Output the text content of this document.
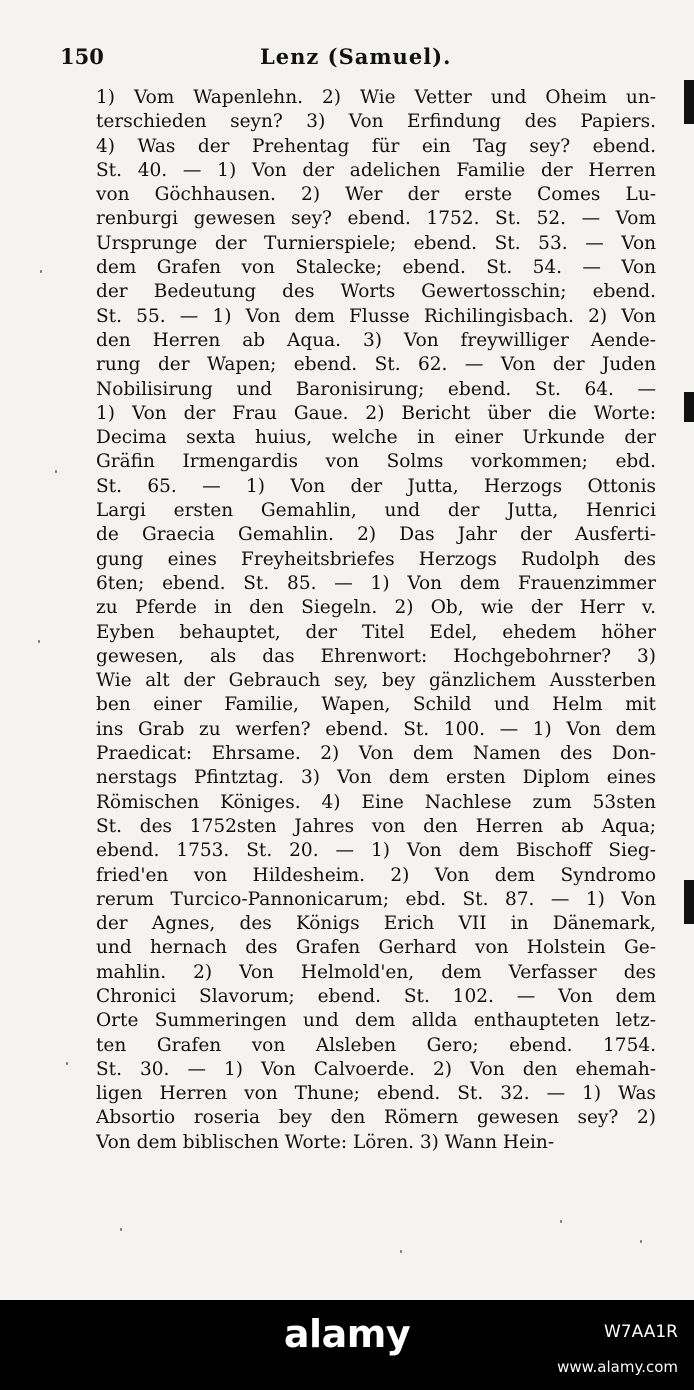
150	Lenz (Samuel).
1) Vom Wapenlehn. 2) Wie Vetter und Oheim un-
terschieden seyn? 3) Von Erfindung des Papiers.
4) Was der Prehentag für ein Tag sey? ebend.
St. 40. — 1) Von der adelichen Familie der Herren
von Göchhausen. 2) Wer der erste Comes Lu-
renburgi gewesen sey? ebend. 1752. St. 52. — Vom
Ursprunge der Turnierspiele; ebend. St. 53. — Von
dem Grafen von Stalecke; ebend. St. 54. — Von
der Bedeutung des Worts Gewertosschin; ebend.
St. 55. — 1) Von dem Flusse Richilingisbach. 2) Von
den Herren ab Aqua. 3) Von freywilliger Aende-
rung der Wapen; ebend. St. 62. — Von der Juden
Nobilisirung und Baronisirung; ebend. St. 64. —
1) Von der Frau Gaue. 2) Bericht über die Worte:
Decima sexta huius, welche in einer Urkunde der
Gräfin Irmengardis von Solms vorkommen; ebd.
St. 65. — 1) Von der Jutta, Herzogs Ottonis
Largi ersten Gemahlin, und der Jutta, Henrici
de Graecia Gemahlin. 2) Das Jahr der Ausferti-
gung eines Freyheitsbriefes Herzogs Rudolph des
6ten; ebend. St. 85. — 1) Von dem Frauenzimmer
zu Pferde in den Siegeln. 2) Ob, wie der Herr v.
Eyben behauptet, der Titel Edel, ehedem höher
gewesen, als das Ehrenwort: Hochgebohrner? 3)
Wie alt der Gebrauch sey, bey gänzlichem Aussterben
ben einer Familie, Wapen, Schild und Helm mit
ins Grab zu werfen? ebend. St. 100. — 1) Von dem
Praedicat: Ehrsame. 2) Von dem Namen des Don-
nerstags Pfintztag. 3) Von dem ersten Diplom eines
Römischen Königes. 4) Eine Nachlese zum 53sten
St. des 1752sten Jahres von den Herren ab Aqua;
ebend. 1753. St. 20. — 1) Von dem Bischoff Sieg-
fried'en von Hildesheim. 2) Von dem Syndromo
rerum Turcico-Pannonicarum; ebd. St. 87. — 1) Von
der Agnes, des Königs Erich VII in Dänemark,
und hernach des Grafen Gerhard von Holstein Ge-
mahlin. 2) Von Helmold'en, dem Verfasser des
Chronici Slavorum; ebend. St. 102. — Von dem
Orte Summeringen und dem allda enthaupteten letz-
ten Grafen von Alsleben Gero; ebend. 1754.
St. 30. — 1) Von Calvoerde. 2) Von den ehemah-
ligen Herren von Thune; ebend. St. 32. — 1) Was
Absortio roseria bey den Römern gewesen sey? 2)
Von dem biblischen Worte: Lören. 3) Wann Hein-
alamy	W7AA1R
www.alamy.com
